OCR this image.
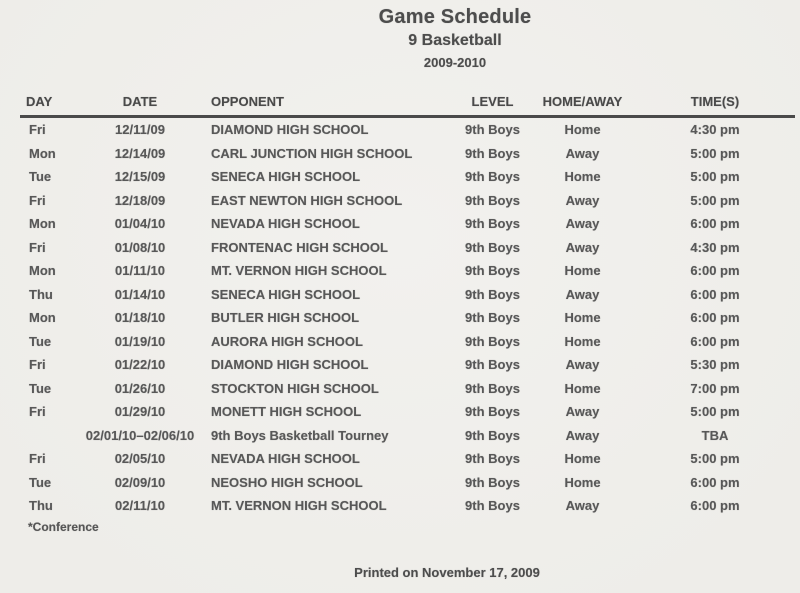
Game Schedule
9 Basketball
2009-2010
DAY	DATE	OPPONENT	LEVEL	HOME/AWAY	TIME(S)
Fri	12/11/09	DIAMOND HIGH SCHOOL	9th Boys	Home	4:30 pm
Mon	12/14/09	CARL JUNCTION HIGH SCHOOL	9th Boys	Away	5:00 pm
Tue	12/15/09	SENECA HIGH SCHOOL	9th Boys	Home	5:00 pm
Fri	12/18/09	EAST NEWTON HIGH SCHOOL	9th Boys	Away	5:00 pm
Mon	01/04/10	NEVADA HIGH SCHOOL	9th Boys	Away	6:00 pm
Fri	01/08/10	FRONTENAC HIGH SCHOOL	9th Boys	Away	4:30 pm
Mon	01/11/10	MT. VERNON HIGH SCHOOL	9th Boys	Home	6:00 pm
Thu	01/14/10	SENECA HIGH SCHOOL	9th Boys	Away	6:00 pm
Mon	01/18/10	BUTLER HIGH SCHOOL	9th Boys	Home	6:00 pm
Tue	01/19/10	AURORA HIGH SCHOOL	9th Boys	Home	6:00 pm
Fri	01/22/10	DIAMOND HIGH SCHOOL	9th Boys	Away	5:30 pm
Tue	01/26/10	STOCKTON HIGH SCHOOL	9th Boys	Home	7:00 pm
Fri	01/29/10	MONETT HIGH SCHOOL	9th Boys	Away	5:00 pm
	02/01/10–02/06/10	9th Boys Basketball Tourney	9th Boys	Away	TBA
Fri	02/05/10	NEVADA HIGH SCHOOL	9th Boys	Home	5:00 pm
Tue	02/09/10	NEOSHO HIGH SCHOOL	9th Boys	Home	6:00 pm
Thu	02/11/10	MT. VERNON HIGH SCHOOL	9th Boys	Away	6:00 pm
*Conference
Printed on November 17, 2009
